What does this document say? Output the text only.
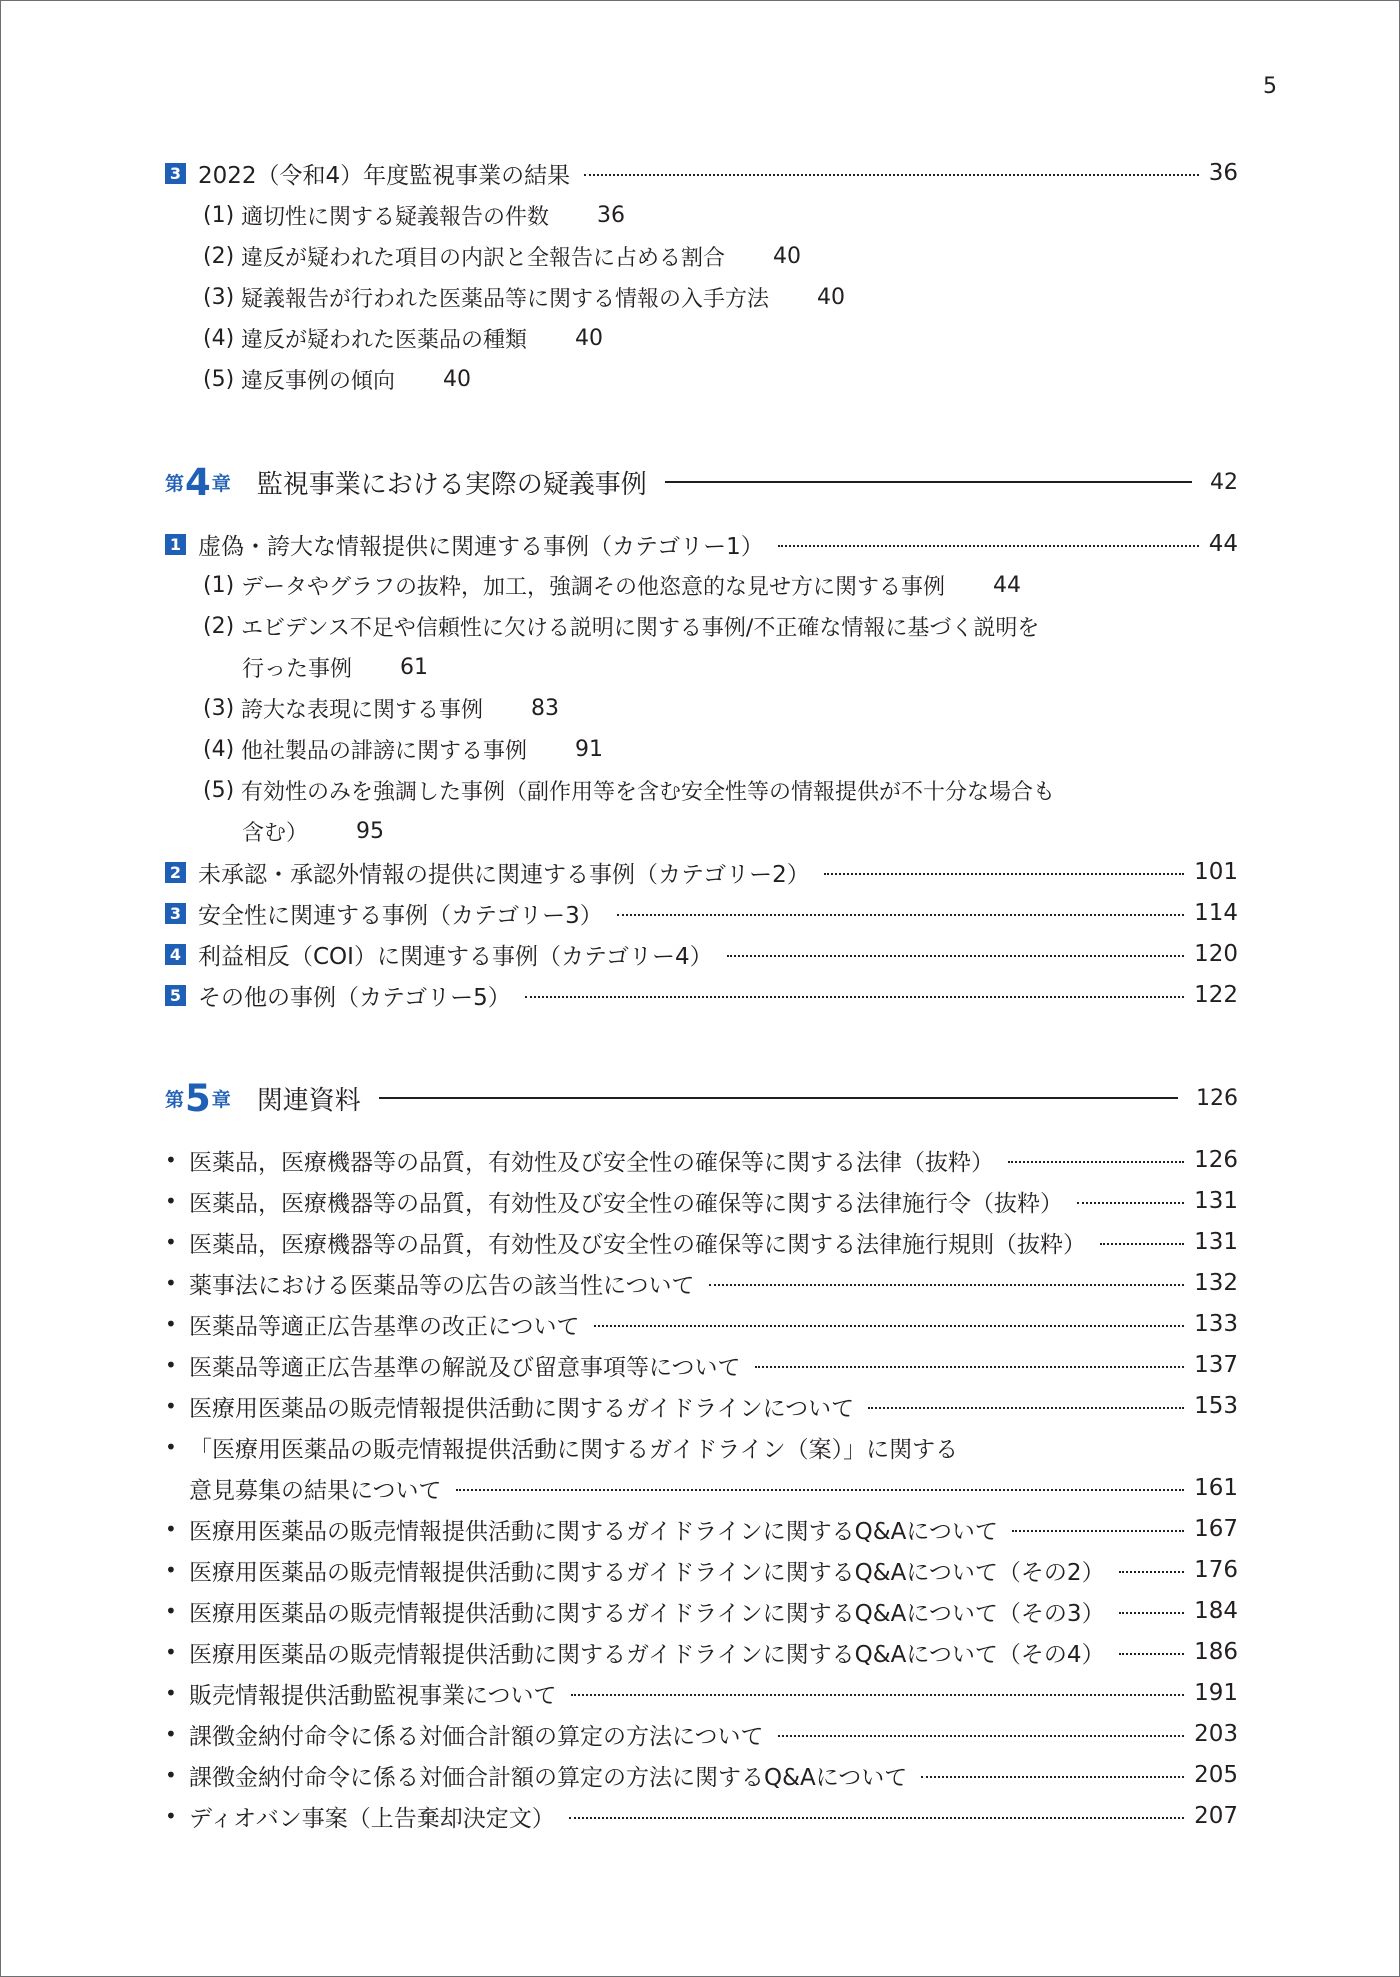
5
3 2022（令和4）年度監視事業の結果	36
(1) 適切性に関する疑義報告の件数 36
(2) 違反が疑われた項目の内訳と全報告に占める割合 40
(3) 疑義報告が行われた医薬品等に関する情報の入手方法 40
(4) 違反が疑われた医薬品の種類 40
(5) 違反事例の傾向 40
第 4 章 監視事業における実際の疑義事例	42
1 虚偽・誇大な情報提供に関連する事例（カテゴリー1）	44
(1) データやグラフの抜粋，加工，強調その他恣意的な見せ方に関する事例 44
(2) エビデンス不足や信頼性に欠ける説明に関する事例/不正確な情報に基づく説明を
行った事例 61
(3) 誇大な表現に関する事例 83
(4) 他社製品の誹謗に関する事例 91
(5) 有効性のみを強調した事例（副作用等を含む安全性等の情報提供が不十分な場合も
含む） 95
2 未承認・承認外情報の提供に関連する事例（カテゴリー2）	101
3 安全性に関連する事例（カテゴリー3）	114
4 利益相反（COI）に関連する事例（カテゴリー4）	120
5 その他の事例（カテゴリー5）	122
第 5 章 関連資料	126
• 医薬品，医療機器等の品質，有効性及び安全性の確保等に関する法律（抜粋）	126
• 医薬品，医療機器等の品質，有効性及び安全性の確保等に関する法律施行令（抜粋）	131
• 医薬品，医療機器等の品質，有効性及び安全性の確保等に関する法律施行規則（抜粋）	131
• 薬事法における医薬品等の広告の該当性について	132
• 医薬品等適正広告基準の改正について	133
• 医薬品等適正広告基準の解説及び留意事項等について	137
• 医療用医薬品の販売情報提供活動に関するガイドラインについて	153
• 「医療用医薬品の販売情報提供活動に関するガイドライン（案）」に関する
意見募集の結果について	161
• 医療用医薬品の販売情報提供活動に関するガイドラインに関するQ&Aについて	167
• 医療用医薬品の販売情報提供活動に関するガイドラインに関するQ&Aについて（その2）	176
• 医療用医薬品の販売情報提供活動に関するガイドラインに関するQ&Aについて（その3）	184
• 医療用医薬品の販売情報提供活動に関するガイドラインに関するQ&Aについて（その4）	186
• 販売情報提供活動監視事業について	191
• 課徴金納付命令に係る対価合計額の算定の方法について	203
• 課徴金納付命令に係る対価合計額の算定の方法に関するQ&Aについて	205
• ディオバン事案（上告棄却決定文）	207
